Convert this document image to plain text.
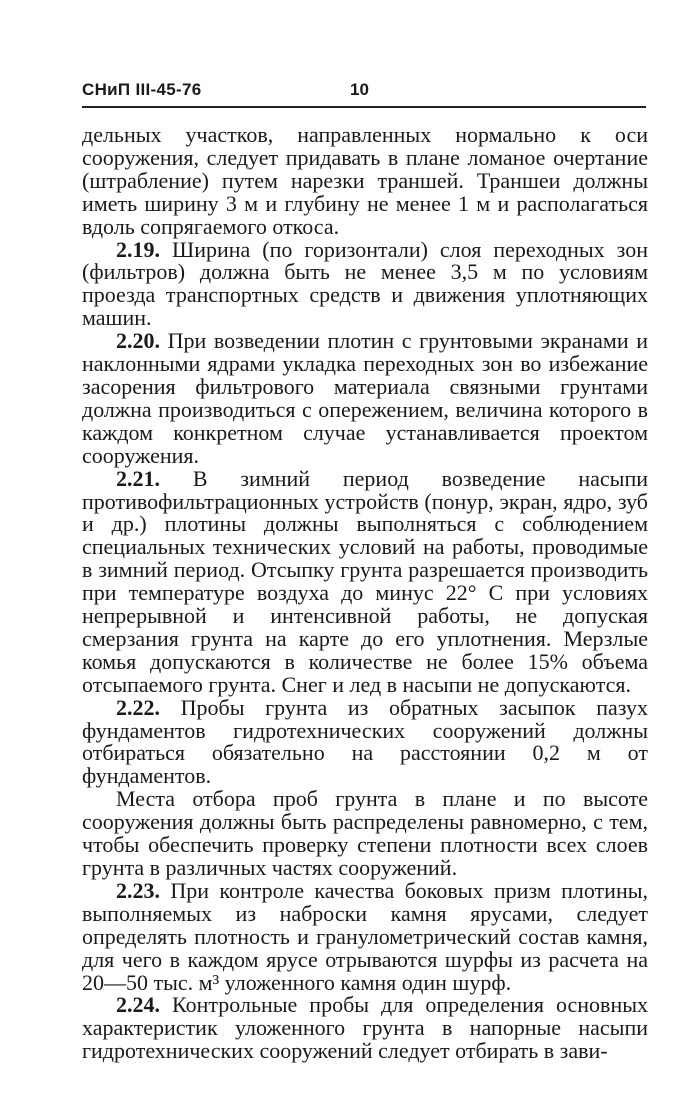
СНиП III-45-76	10

дельных участков, направленных нормально к оси сооружения, следует придавать в плане ломаное очертание (штрабление) путем нарезки траншей. Траншеи должны иметь ширину 3 м и глубину не менее 1 м и располагаться вдоль сопрягаемого откоса.

2.19. Ширина (по горизонтали) слоя переходных зон (фильтров) должна быть не менее 3,5 м по условиям проезда транспортных средств и движения уплотняющих машин.

2.20. При возведении плотин с грунтовыми экранами и наклонными ядрами укладка переходных зон во избежание засорения фильтрового материала связными грунтами должна производиться с опережением, величина которого в каждом конкретном случае устанавливается проектом сооружения.

2.21. В зимний период возведение насыпи противофильтрационных устройств (понур, экран, ядро, зуб и др.) плотины должны выполняться с соблюдением специальных технических условий на работы, проводимые в зимний период. Отсыпку грунта разрешается производить при температуре воздуха до минус 22° С при условиях непрерывной и интенсивной работы, не допуская смерзания грунта на карте до его уплотнения. Мерзлые комья допускаются в количестве не более 15% объема отсыпаемого грунта. Снег и лед в насыпи не допускаются.

2.22. Пробы грунта из обратных засыпок пазух фундаментов гидротехнических сооружений должны отбираться обязательно на расстоянии 0,2 м от фундаментов.

Места отбора проб грунта в плане и по высоте сооружения должны быть распределены равномерно, с тем, чтобы обеспечить проверку степени плотности всех слоев грунта в различных частях сооружений.

2.23. При контроле качества боковых призм плотины, выполняемых из наброски камня ярусами, следует определять плотность и гранулометрический состав камня, для чего в каждом ярусе отрываются шурфы из расчета на 20—50 тыс. м³ уложенного камня один шурф.

2.24. Контрольные пробы для определения основных характеристик уложенного грунта в напорные насыпи гидротехнических сооружений следует отбирать в зави-
